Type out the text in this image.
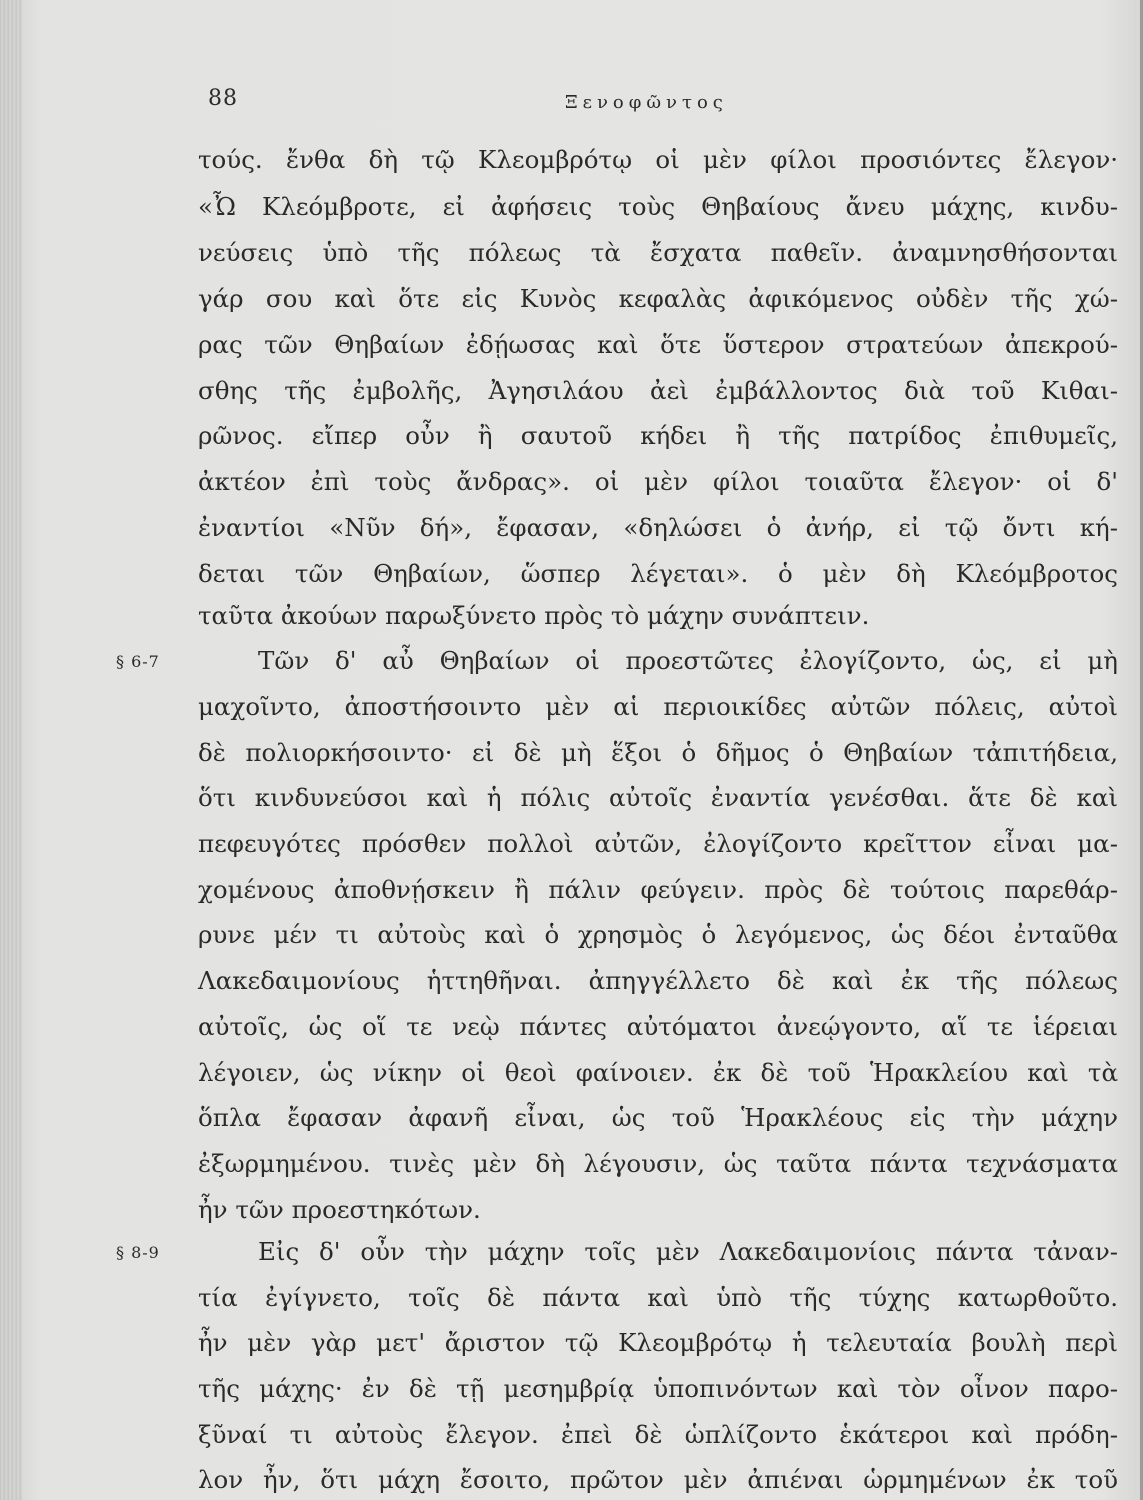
88	Ξενοφῶντος
τούς. ἔνθα δὴ τῷ Κλεομβρότῳ οἱ μὲν φίλοι προσιόντες ἔλεγον·
«Ὦ Κλεόμβροτε, εἰ ἀφήσεις τοὺς Θηβαίους ἄνευ μάχης, κινδυ-
νεύσεις ὑπὸ τῆς πόλεως τὰ ἔσχατα παθεῖν. ἀναμνησθήσονται
γάρ σου καὶ ὅτε εἰς Κυνὸς κεφαλὰς ἀφικόμενος οὐδὲν τῆς χώ-
ρας τῶν Θηβαίων ἐδῄωσας καὶ ὅτε ὕστερον στρατεύων ἀπεκρού-
σθης τῆς ἐμβολῆς, Ἀγησιλάου ἀεὶ ἐμβάλλοντος διὰ τοῦ Κιθαι-
ρῶνος. εἴπερ οὖν ἢ σαυτοῦ κήδει ἢ τῆς πατρίδος ἐπιθυμεῖς,
ἀκτέον ἐπὶ τοὺς ἄνδρας». οἱ μὲν φίλοι τοιαῦτα ἔλεγον· οἱ δ'
ἐναντίοι «Νῦν δή», ἔφασαν, «δηλώσει ὁ ἀνήρ, εἰ τῷ ὄντι κή-
δεται τῶν Θηβαίων, ὥσπερ λέγεται». ὁ μὲν δὴ Κλεόμβροτος
ταῦτα ἀκούων παρωξύνετο πρὸς τὸ μάχην συνάπτειν.
§ 6-7	Τῶν δ' αὖ Θηβαίων οἱ προεστῶτες ἐλογίζοντο, ὡς, εἰ μὴ
μαχοῖντο, ἀποστήσοιντο μὲν αἱ περιοικίδες αὐτῶν πόλεις, αὐτοὶ
δὲ πολιορκήσοιντο· εἰ δὲ μὴ ἕξοι ὁ δῆμος ὁ Θηβαίων τἀπιτήδεια,
ὅτι κινδυνεύσοι καὶ ἡ πόλις αὐτοῖς ἐναντία γενέσθαι. ἅτε δὲ καὶ
πεφευγότες πρόσθεν πολλοὶ αὐτῶν, ἐλογίζοντο κρεῖττον εἶναι μα-
χομένους ἀποθνῄσκειν ἢ πάλιν φεύγειν. πρὸς δὲ τούτοις παρεθάρ-
ρυνε μέν τι αὐτοὺς καὶ ὁ χρησμὸς ὁ λεγόμενος, ὡς δέοι ἐνταῦθα
Λακεδαιμονίους ἡττηθῆναι. ἀπηγγέλλετο δὲ καὶ ἐκ τῆς πόλεως
αὐτοῖς, ὡς οἵ τε νεῲ πάντες αὐτόματοι ἀνεῴγοντο, αἵ τε ἱέρειαι
λέγοιεν, ὡς νίκην οἱ θεοὶ φαίνοιεν. ἐκ δὲ τοῦ Ἡρακλείου καὶ τὰ
ὅπλα ἔφασαν ἀφανῆ εἶναι, ὡς τοῦ Ἡρακλέους εἰς τὴν μάχην
ἐξωρμημένου. τινὲς μὲν δὴ λέγουσιν, ὡς ταῦτα πάντα τεχνάσματα
ἦν τῶν προεστηκότων.
§ 8-9	Εἰς δ' οὖν τὴν μάχην τοῖς μὲν Λακεδαιμονίοις πάντα τἀναν-
τία ἐγίγνετο, τοῖς δὲ πάντα καὶ ὑπὸ τῆς τύχης κατωρθοῦτο.
ἦν μὲν γὰρ μετ' ἄριστον τῷ Κλεομβρότῳ ἡ τελευταία βουλὴ περὶ
τῆς μάχης· ἐν δὲ τῇ μεσημβρίᾳ ὑποπινόντων καὶ τὸν οἶνον παρο-
ξῦναί τι αὐτοὺς ἔλεγον. ἐπεὶ δὲ ὡπλίζοντο ἑκάτεροι καὶ πρόδη-
λον ἦν, ὅτι μάχη ἔσοιτο, πρῶτον μὲν ἀπιέναι ὡρμημένων ἐκ τοῦ
